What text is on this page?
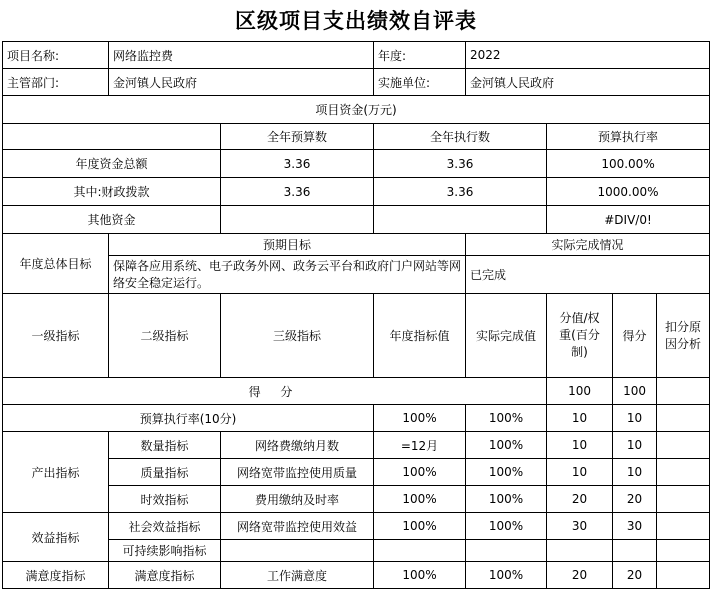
区级项目支出绩效自评表
项目名称:	网络监控费		年度:	2022			
主管部门:	金河镇人民政府		实施单位:	金河镇人民政府			
项目资金(万元)							
		全年预算数	全年执行数		预算执行率		
年度资金总额		3.36	3.36		100.00%		
其中:财政拨款		3.36	3.36		1000.00%		
其他资金					#DIV/0!		
年度总体目标	预期目标			实际完成情况			
	保障各应用系统、电子政务外网、政务云平台和政府门户网站等网络安全稳定运行。			已完成			
一级指标	二级指标	三级指标	年度指标值	实际完成值	分值/权重(百分制)	得分	扣分原因分析
得 分					100	100	
预算执行率(10分)			100%	100%	10	10	
产出指标	数量指标	网络费缴纳月数	=12月	100%	10	10	
	质量指标	网络宽带监控使用质量	100%	100%	10	10	
	时效指标	费用缴纳及时率	100%	100%	20	20	
效益指标	社会效益指标	网络宽带监控使用效益	100%	100%	30	30	
	可持续影响指标						
满意度指标	满意度指标	工作满意度	100%	100%	20	20	
